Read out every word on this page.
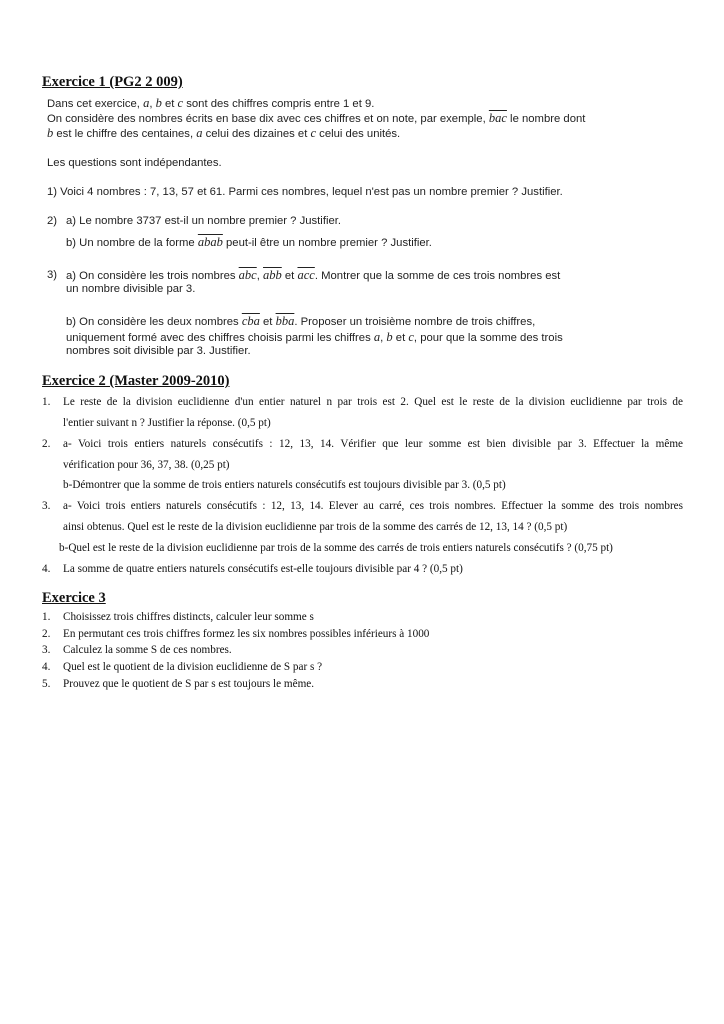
Exercice 1 (PG2 2 009)
Dans cet exercice, a, b et c sont des chiffres compris entre 1 et 9.
On considère des nombres écrits en base dix avec ces chiffres et on note, par exemple, $\overline{bac}$ le nombre dont
b est le chiffre des centaines, a celui des dizaines et c celui des unités.
Les questions sont indépendantes.
1) Voici 4 nombres : 7, 13, 57 et 61. Parmi ces nombres, lequel n'est pas un nombre premier ? Justifier.
2) a) Le nombre 3737 est-il un nombre premier ? Justifier.
b) Un nombre de la forme abab peut-il être un nombre premier ? Justifier.
3) a) On considère les trois nombres $\overline{abc}$, $\overline{abb}$ et $\overline{acc}$. Montrer que la somme de ces trois nombres est
un nombre divisible par 3.
b) On considère les deux nombres $\overline{cba}$ et $\overline{bba}$. Proposer un troisième nombre de trois chiffres,
uniquement formé avec des chiffres choisis parmi les chiffres a, b et c, pour que la somme des trois
nombres soit divisible par 3. Justifier.
Exercice 2 (Master 2009-2010)
1. Le reste de la division euclidienne d'un entier naturel n par trois est 2. Quel est le reste de la division euclidienne par trois de
l'entier suivant n ? Justifier la réponse. (0,5 pt)
2. a- Voici trois entiers naturels consécutifs : 12, 13, 14. Vérifier que leur somme est bien divisible par 3. Effectuer la même
vérification pour 36, 37, 38. (0,25 pt)
b-Démontrer que la somme de trois entiers naturels consécutifs est toujours divisible par 3. (0,5 pt)
3. a- Voici trois entiers naturels consécutifs : 12, 13, 14. Elever au carré, ces trois nombres. Effectuer la somme des trois nombres
ainsi obtenus. Quel est le reste de la division euclidienne par trois de la somme des carrés de 12, 13, 14 ? (0,5 pt)
b-Quel est le reste de la division euclidienne par trois de la somme des carrés de trois entiers naturels consécutifs ? (0,75 pt)
4. La somme de quatre entiers naturels consécutifs est-elle toujours divisible par 4 ? (0,5 pt)
Exercice 3
1. Choisissez trois chiffres distincts, calculer leur somme s
2. En permutant ces trois chiffres formez les six nombres possibles inférieurs à 1000
3. Calculez la somme S de ces nombres.
4. Quel est le quotient de la division euclidienne de S par s ?
5. Prouvez que le quotient de S par s est toujours le même.
